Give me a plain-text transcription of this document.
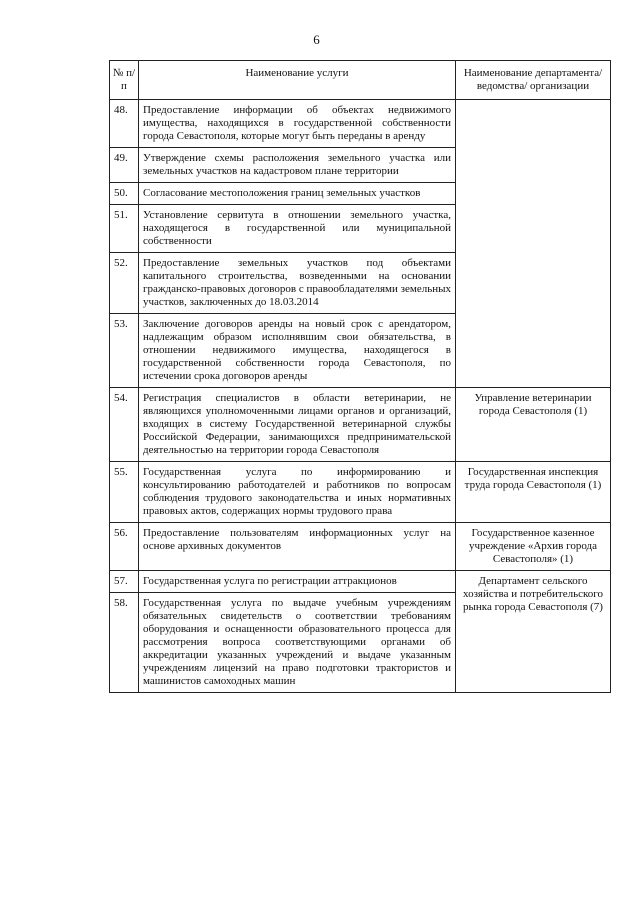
6
№ п/п	Наименование услуги	Наименование департамента/ведомства/ организации
48.	Предоставление информации об объектах недвижимого имущества, находящихся в государственной собственности города Севастополя, которые могут быть переданы в аренду	
49.	Утверждение схемы расположения земельного участка или земельных участков на кадастровом плане территории	
50.	Согласование местоположения границ земельных участков	
51.	Установление сервитута в отношении земельного участка, находящегося в государственной или муниципальной собственности	
52.	Предоставление земельных участков под объектами капитального строительства, возведенными на основании гражданско-правовых договоров с правообладателями земельных участков, заключенных до 18.03.2014	
53.	Заключение договоров аренды на новый срок с арендатором, надлежащим образом исполнявшим свои обязательства, в отношении недвижимого имущества, находящегося в государственной собственности города Севастополя, по истечении срока договоров аренды	
54.	Регистрация специалистов в области ветеринарии, не являющихся уполномоченными лицами органов и организаций, входящих в систему Государственной ветеринарной службы Российской Федерации, занимающихся предпринимательской деятельностью на территории города Севастополя	Управление ветеринарии города Севастополя (1)
55.	Государственная услуга по информированию и консультированию работодателей и работников по вопросам соблюдения трудового законодательства и иных нормативных правовых актов, содержащих нормы трудового права	Государственная инспекция труда города Севастополя (1)
56.	Предоставление пользователям информационных услуг на основе архивных документов	Государственное казенное учреждение «Архив города Севастополя» (1)
57.	Государственная услуга по регистрации аттракционов	Департамент сельского хозяйства и потребительского рынка города Севастополя (7)
58.	Государственная услуга по выдаче учебным учреждениям обязательных свидетельств о соответствии требованиям оборудования и оснащенности образовательного процесса для рассмотрения вопроса соответствующими органами об аккредитации указанных учреждений и выдаче указанным учреждениям лицензий на право подготовки трактористов и машинистов самоходных машин	
